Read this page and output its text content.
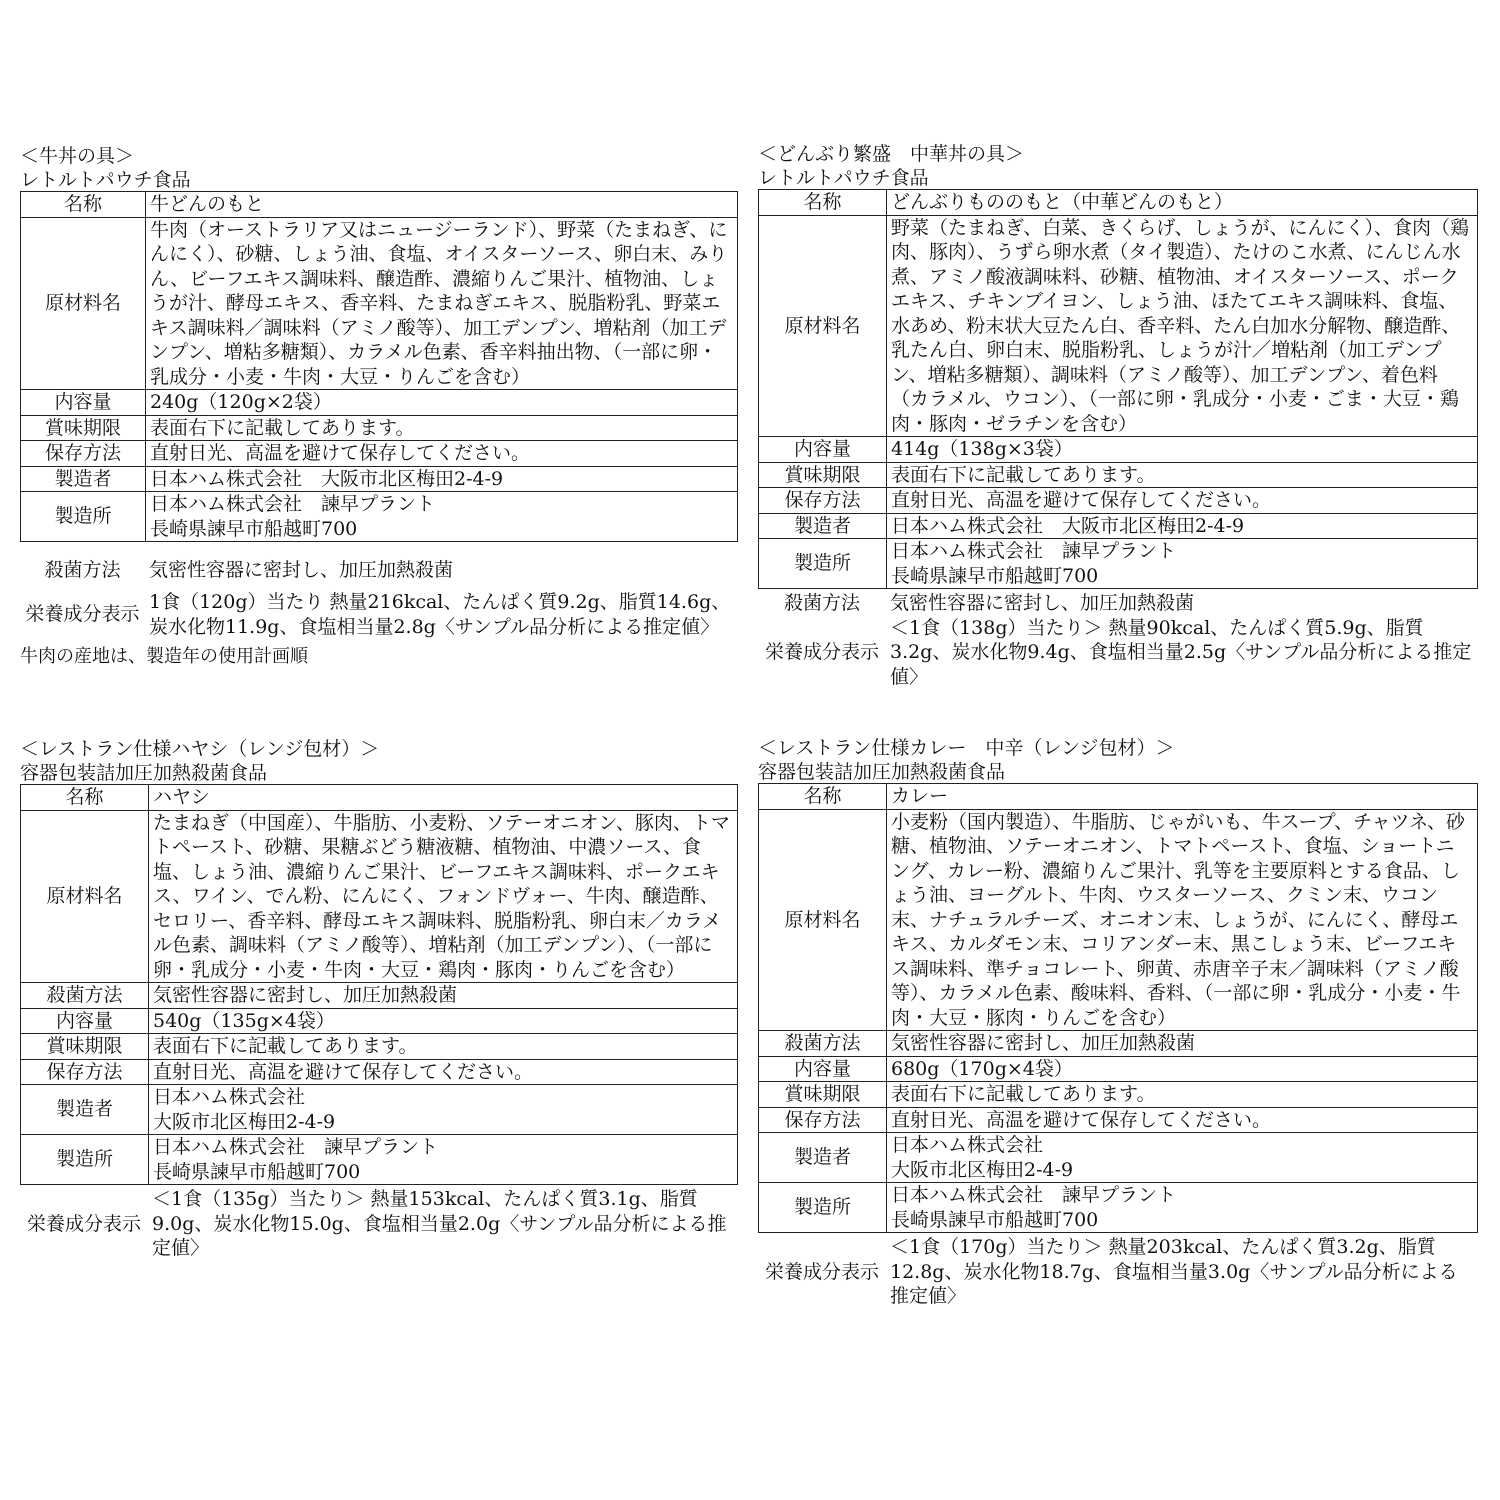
＜牛丼の具＞
レトルトパウチ食品
名称	牛どんのもと
原材料名	牛肉（オーストラリア又はニュージーランド）、野菜（たまねぎ、にんにく）、砂糖、しょう油、食塩、オイスターソース、卵白末、みりん、ビーフエキス調味料、醸造酢、濃縮りんご果汁、植物油、しょうが汁、酵母エキス、香辛料、たまねぎエキス、脱脂粉乳、野菜エキス調味料／調味料（アミノ酸等）、加工デンプン、増粘剤（加工デンプン、増粘多糖類）、カラメル色素、香辛料抽出物、（一部に卵・乳成分・小麦・牛肉・大豆・りんごを含む）
内容量	240g（120g×2袋）
賞味期限	表面右下に記載してあります。
保存方法	直射日光、高温を避けて保存してください。
製造者	日本ハム株式会社　大阪市北区梅田2-4-9
製造所	日本ハム株式会社　諫早プラント
長崎県諫早市船越町700
殺菌方法	気密性容器に密封し、加圧加熱殺菌
栄養成分表示	1食（120g）当たり 熱量216kcal、たんぱく質9.2g、脂質14.6g、炭水化物11.9g、食塩相当量2.8g〈サンプル品分析による推定値〉
牛肉の産地は、製造年の使用計画順
＜どんぶり繁盛　中華丼の具＞
レトルトパウチ食品
名称	どんぶりもののもと（中華どんのもと）
原材料名	野菜（たまねぎ、白菜、きくらげ、しょうが、にんにく）、食肉（鶏肉、豚肉）、うずら卵水煮（タイ製造）、たけのこ水煮、にんじん水煮、アミノ酸液調味料、砂糖、植物油、オイスターソース、ポークエキス、チキンブイヨン、しょう油、ほたてエキス調味料、食塩、水あめ、粉末状大豆たん白、香辛料、たん白加水分解物、醸造酢、乳たん白、卵白末、脱脂粉乳、しょうが汁／増粘剤（加工デンプン、増粘多糖類）、調味料（アミノ酸等）、加工デンプン、着色料（カラメル、ウコン）、（一部に卵・乳成分・小麦・ごま・大豆・鶏肉・豚肉・ゼラチンを含む）
内容量	414g（138g×3袋）
賞味期限	表面右下に記載してあります。
保存方法	直射日光、高温を避けて保存してください。
製造者	日本ハム株式会社　大阪市北区梅田2-4-9
製造所	日本ハム株式会社　諫早プラント
長崎県諫早市船越町700
殺菌方法	気密性容器に密封し、加圧加熱殺菌
栄養成分表示	＜1食（138g）当たり＞ 熱量90kcal、たんぱく質5.9g、脂質3.2g、炭水化物9.4g、食塩相当量2.5g〈サンプル品分析による推定値〉
＜レストラン仕様ハヤシ（レンジ包材）＞
容器包装詰加圧加熱殺菌食品
名称	ハヤシ
原材料名	たまねぎ（中国産）、牛脂肪、小麦粉、ソテーオニオン、豚肉、トマトペースト、砂糖、果糖ぶどう糖液糖、植物油、中濃ソース、食塩、しょう油、濃縮りんご果汁、ビーフエキス調味料、ポークエキス、ワイン、でん粉、にんにく、フォンドヴォー、牛肉、醸造酢、セロリー、香辛料、酵母エキス調味料、脱脂粉乳、卵白末／カラメル色素、調味料（アミノ酸等）、増粘剤（加工デンプン）、（一部に卵・乳成分・小麦・牛肉・大豆・鶏肉・豚肉・りんごを含む）
殺菌方法	気密性容器に密封し、加圧加熱殺菌
内容量	540g（135g×4袋）
賞味期限	表面右下に記載してあります。
保存方法	直射日光、高温を避けて保存してください。
製造者	日本ハム株式会社
大阪市北区梅田2-4-9

製造所	日本ハム株式会社　諫早プラント
長崎県諫早市船越町700
栄養成分表示	＜1食（135g）当たり＞ 熱量153kcal、たんぱく質3.1g、脂質9.0g、炭水化物15.0g、食塩相当量2.0g〈サンプル品分析による推定値〉
＜レストラン仕様カレー　中辛（レンジ包材）＞
容器包装詰加圧加熱殺菌食品
名称	カレー
原材料名	小麦粉（国内製造）、牛脂肪、じゃがいも、牛スープ、チャツネ、砂糖、植物油、ソテーオニオン、トマトペースト、食塩、ショートニング、カレー粉、濃縮りんご果汁、乳等を主要原料とする食品、しょう油、ヨーグルト、牛肉、ウスターソース、クミン末、ウコン末、ナチュラルチーズ、オニオン末、しょうが、にんにく、酵母エキス、カルダモン末、コリアンダー末、黒こしょう末、ビーフエキス調味料、準チョコレート、卵黄、赤唐辛子末／調味料（アミノ酸等）、カラメル色素、酸味料、香料、（一部に卵・乳成分・小麦・牛肉・大豆・豚肉・りんごを含む）
殺菌方法	気密性容器に密封し、加圧加熱殺菌
内容量	680g（170g×4袋）
賞味期限	表面右下に記載してあります。
保存方法	直射日光、高温を避けて保存してください。
製造者	日本ハム株式会社
大阪市北区梅田2-4-9

製造所	日本ハム株式会社　諫早プラント
長崎県諫早市船越町700
栄養成分表示	＜1食（170g）当たり＞ 熱量203kcal、たんぱく質3.2g、脂質12.8g、炭水化物18.7g、食塩相当量3.0g〈サンプル品分析による推定値〉
